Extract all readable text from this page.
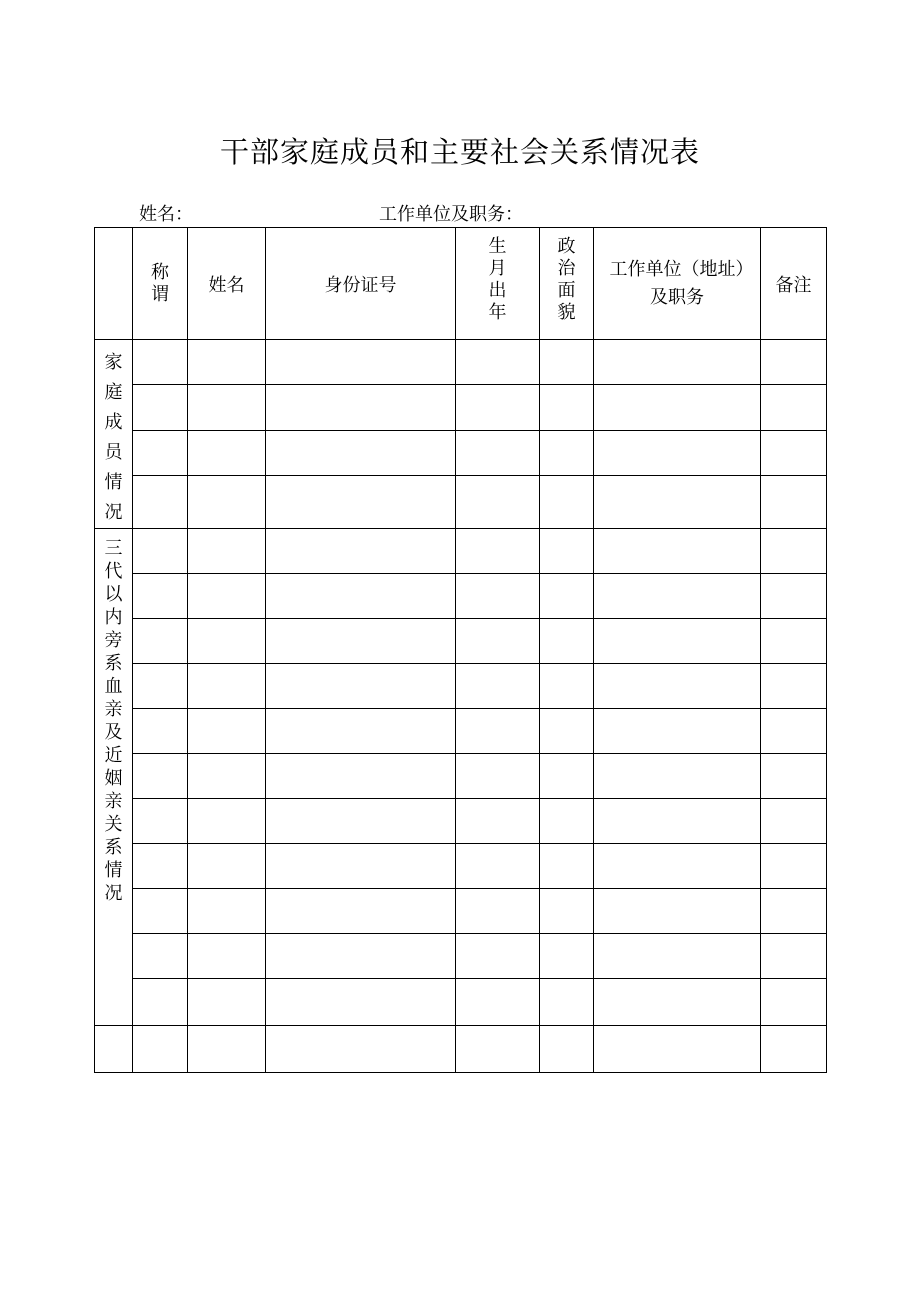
干部家庭成员和主要社会关系情况表
姓名：	工作单位及职务：
	称谓	姓名	身份证号	生月出年	政治面貌	工作单位（地址）及职务	备注
家庭成员情况							

三代以内旁系血亲及近姻亲关系情况							
